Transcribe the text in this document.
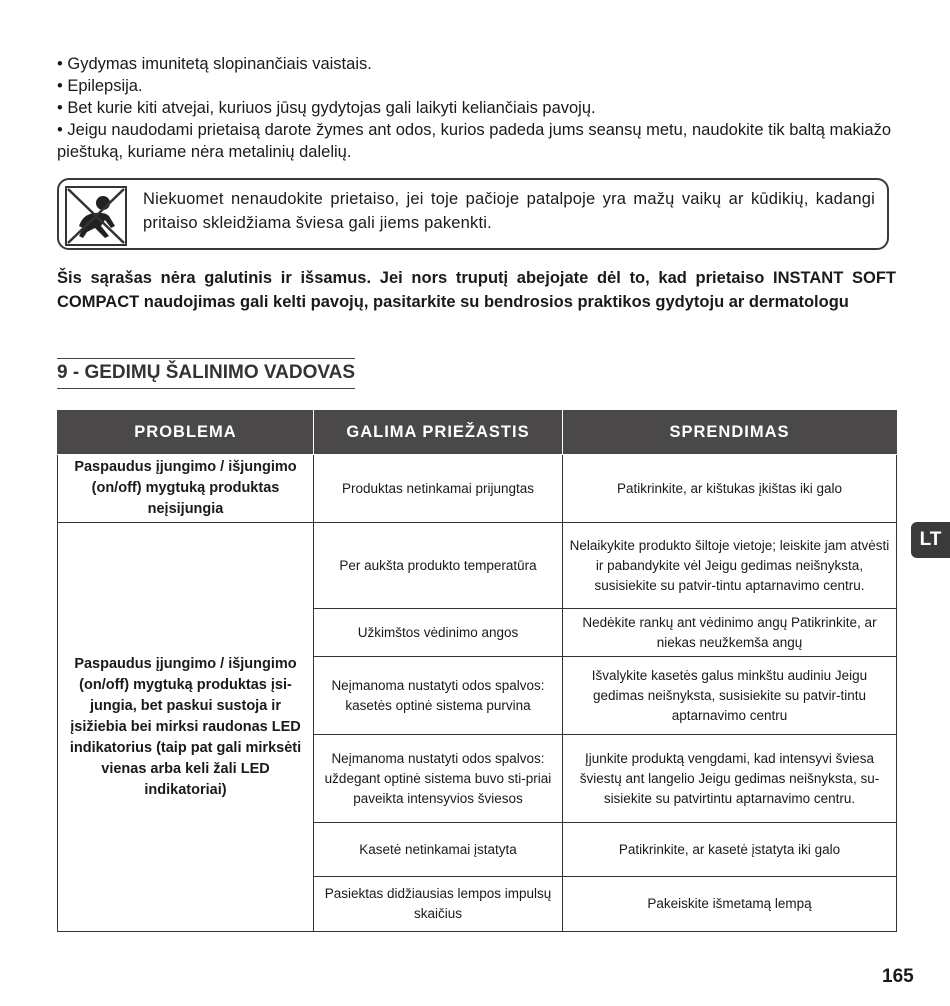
• Gydymas imunitetą slopinančiais vaistais.

• Epilepsija.

• Bet kurie kiti atvejai, kuriuos jūsų gydytojas gali laikyti keliančiais pavojų.

• Jeigu naudodami prietaisą darote žymes ant odos, kurios padeda jums seansų metu, naudokite tik baltą makiažo pieštuką, kuriame nėra metalinių dalelių.

Niekuomet nenaudokite prietaiso, jei toje pačioje patalpoje yra mažų vaikų ar kūdikių, kadangi pritaiso skleidžiama šviesa gali jiems pakenkti.

Šis sąrašas nėra galutinis ir išsamus. Jei nors truputį abejojate dėl to, kad prietaiso INSTANT SOFT COMPACT naudojimas gali kelti pavojų, pasitarkite su bendrosios praktikos gydytoju ar dermatologu

9 - GEDIMŲ ŠALINIMO VADOVAS
PROBLEMA	GALIMA PRIEŽASTIS	SPRENDIMAS
Paspaudus įjungimo / išjungimo (on/off) mygtuką produktas neįsijungia	Produktas netinkamai prijungtas	Patikrinkite, ar kištukas įkištas iki galo
Paspaudus įjungimo / išjungimo (on/off) mygtuką produktas įsi-jungia, bet paskui sustoja ir įsižiebia bei mirksi raudonas LED indikatorius (taip pat gali mirksėti vienas arba keli žali LED indikatoriai)	Per aukšta produkto temperatūra	Nelaikykite produkto šiltoje vietoje; leiskite jam atvėsti ir pabandykite vėl Jeigu gedimas neišnyksta, susisiekite su patvir-tintu aptarnavimo centru.
	Užkimštos vėdinimo angos	Nedėkite rankų ant vėdinimo angų Patikrinkite, ar niekas neužkemša angų
	Neįmanoma nustatyti odos spalvos: kasetės optinė sistema purvina	Išvalykite kasetės galus minkštu audiniu Jeigu gedimas neišnyksta, susisiekite su patvir-tintu aptarnavimo centru
	Neįmanoma nustatyti odos spalvos: uždegant optinė sistema buvo sti-priai paveikta intensyvios šviesos	Įjunkite produktą vengdami, kad intensyvi šviesa šviestų ant langelio Jeigu gedimas neišnyksta, su-sisiekite su patvirtintu aptarnavimo centru.
	Kasetė netinkamai įstatyta	Patikrinkite, ar kasetė įstatyta iki galo
	Pasiektas didžiausias lempos impulsų skaičius	Pakeiskite išmetamą lempą
LT
165
